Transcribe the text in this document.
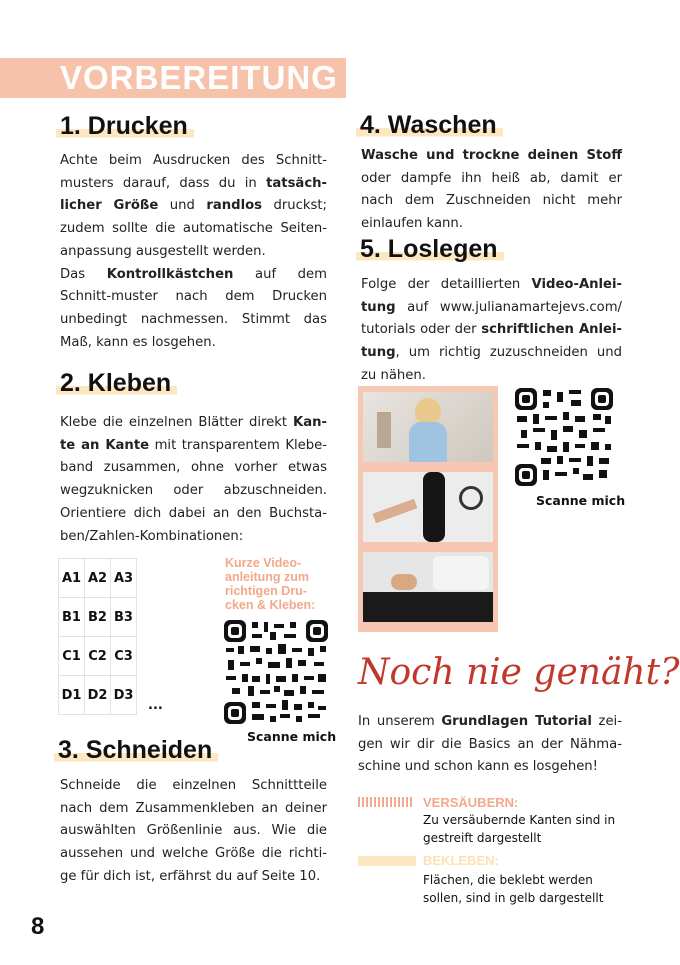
VORBEREITUNG
1. Drucken
Achte beim Ausdrucken des Schnitt-musters darauf, dass du in tatsäch-licher Größe und randlos druckst; zudem sollte die automatische Seiten-anpassung ausgestellt werden.
Das Kontrollkästchen auf dem Schnitt-muster nach dem Drucken unbedingt nachmessen. Stimmt das Maß, kann es losgehen.
2. Kleben
Klebe die einzelnen Blätter direkt Kan-te an Kante mit transparentem Klebe-band zusammen, ohne vorher etwas wegzuknicken oder abzuschneiden. Orientiere dich dabei an den Buchsta-ben/Zahlen-Kombinationen:
A1	A2	A3
B1	B2	B3
C1	C2	C3
D1	D2	D3
...
Kurze Video-anleitung zum richtigen Dru-cken & Kleben:
Scanne mich
3. Schneiden
Schneide die einzelnen Schnittteile nach dem Zusammenkleben an deiner auswählten Größenlinie aus. Wie die aussehen und welche Größe die richti-ge für dich ist, erfährst du auf Seite 10.
4. Waschen
Wasche und trockne deinen Stoff oder dampfe ihn heiß ab, damit er nach dem Zuschneiden nicht mehr einlaufen kann.
5. Loslegen
Folge der detaillierten Video-Anlei-tung auf www.julianamartejevs.com/ tutorials oder der schriftlichen Anlei-tung, um richtig zuzuschneiden und zu nähen.
Scanne mich
Noch nie genäht?
In unserem Grundlagen Tutorial zei-gen wir dir die Basics an der Nähma-schine und schon kann es losgehen!
VERSÄUBERN:
Zu versäubernde Kanten sind in gestreift dargestellt
BEKLEBEN:
Flächen, die beklebt werden sollen, sind in gelb dargestellt
8
